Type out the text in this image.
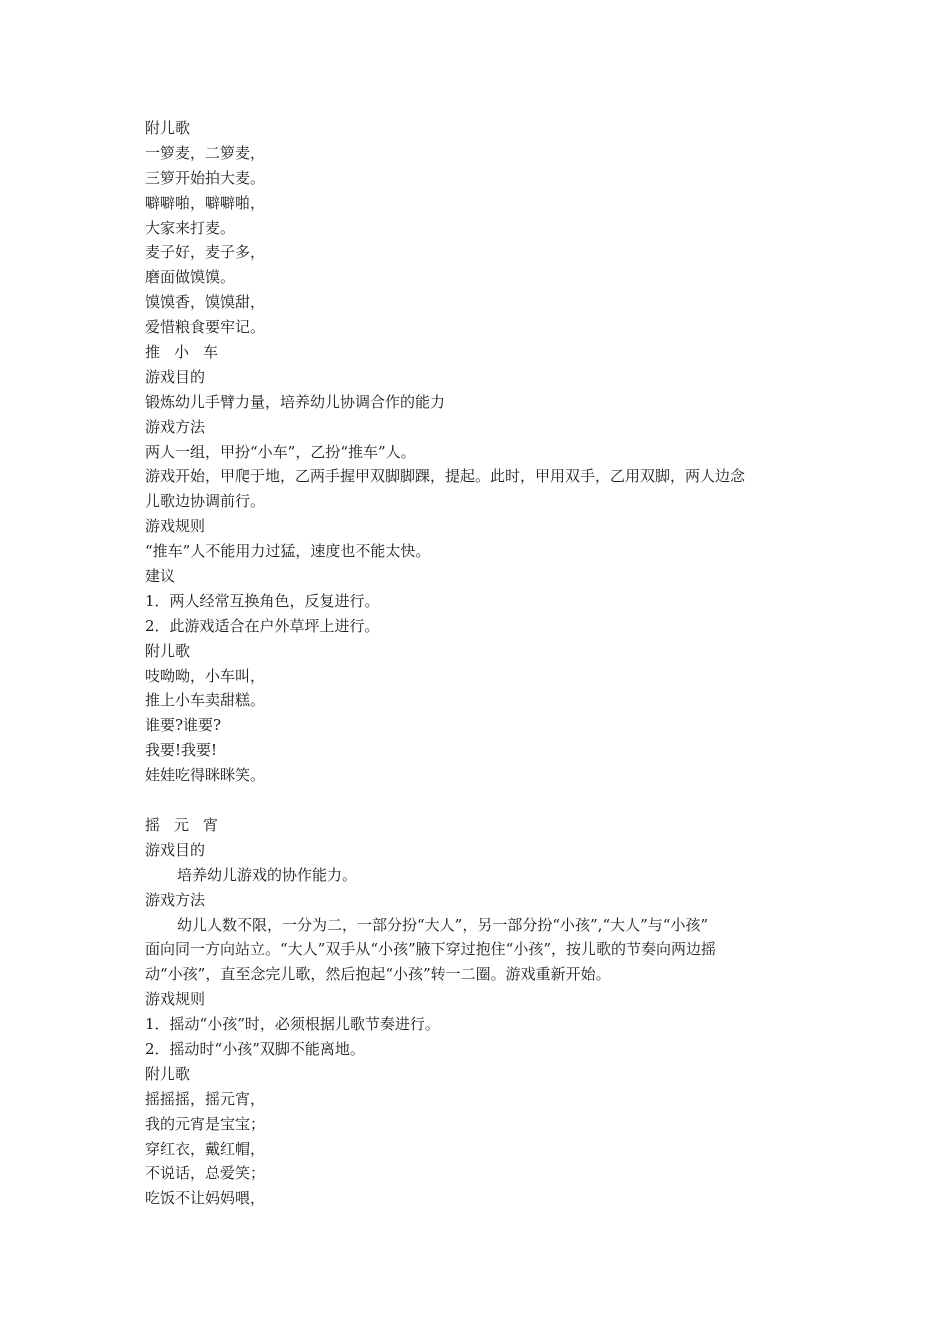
附儿歌
一箩麦，二箩麦，
三箩开始拍大麦。
噼噼啪，噼噼啪，
大家来打麦。
麦子好，麦子多，
磨面做馍馍。
馍馍香，馍馍甜，
爱惜粮食要牢记。
推小车
游戏目的
锻炼幼儿手臂力量，培养幼儿协调合作的能力
游戏方法
两人一组，甲扮“小车”，乙扮“推车”人。
游戏开始，甲爬于地，乙两手握甲双脚脚踝，提起。此时，甲用双手，乙用双脚，两人边念
儿歌边协调前行。
游戏规则
“推车”人不能用力过猛，速度也不能太快。
建议
1．两人经常互换角色，反复进行。
2．此游戏适合在户外草坪上进行。
附儿歌
吱呦呦，小车叫，
推上小车卖甜糕。
谁要?谁要?
我要!我要!
娃娃吃得眯眯笑。
摇元宵
游戏目的
培养幼儿游戏的协作能力。
游戏方法
幼儿人数不限，一分为二，一部分扮“大人”，另一部分扮“小孩”,“大人”与“小孩”
面向同一方向站立。“大人”双手从“小孩”腋下穿过抱住“小孩”，按儿歌的节奏向两边摇
动“小孩”，直至念完儿歌，然后抱起“小孩”转一二圈。游戏重新开始。
游戏规则
1．摇动“小孩”时，必须根据儿歌节奏进行。
2．摇动时“小孩”双脚不能离地。
附儿歌
摇摇摇，摇元宵，
我的元宵是宝宝；
穿红衣，戴红帽，
不说话，总爱笑；
吃饭不让妈妈喂，
